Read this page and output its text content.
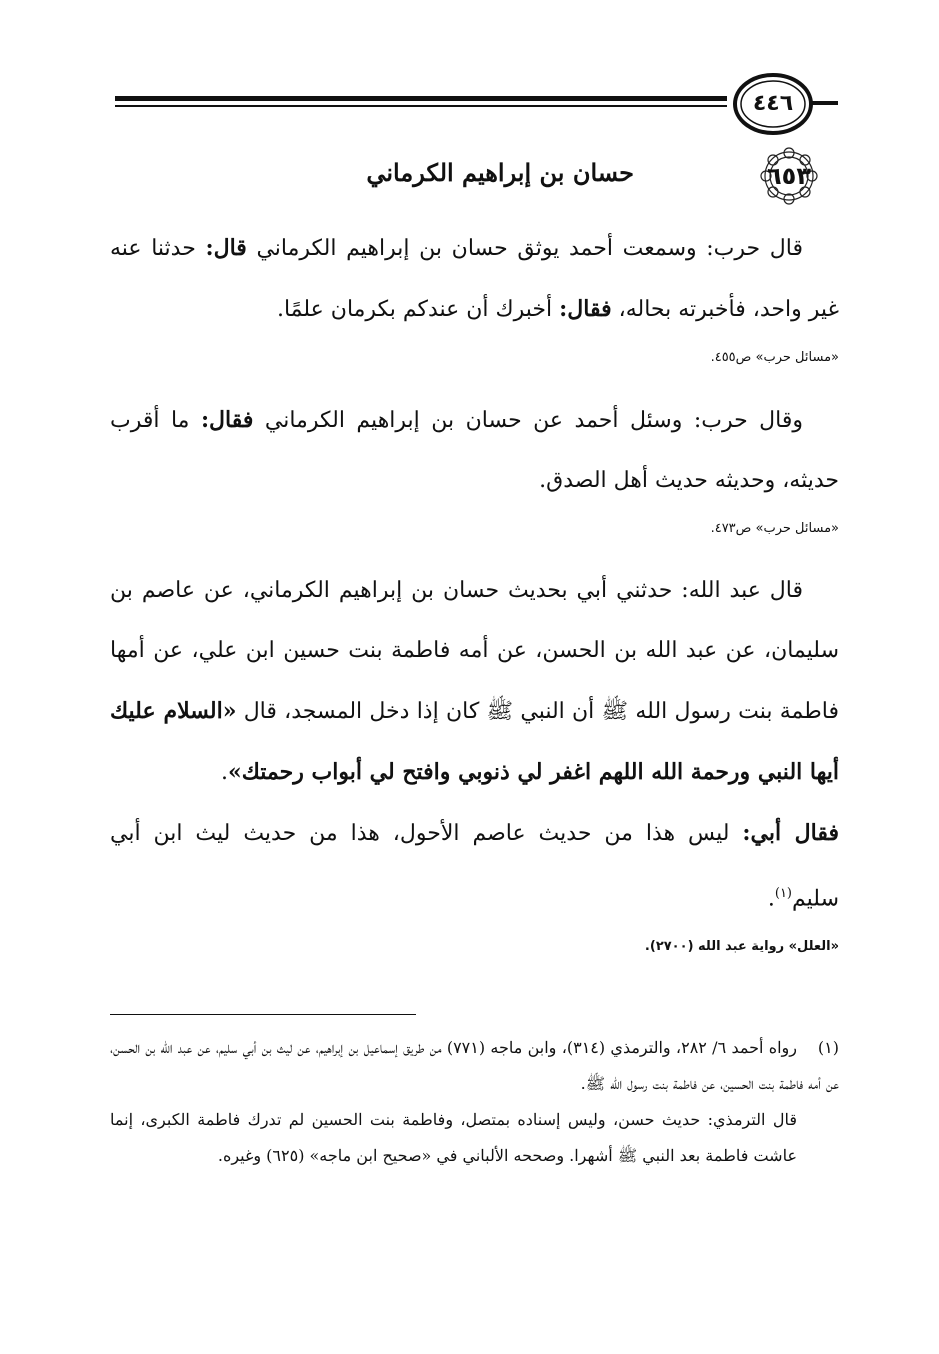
٤٤٦
٦٥٣
حسان بن إبراهيم الكرماني

قال حرب: وسمعت أحمد يوثق حسان بن إبراهيم الكرماني قال: حدثنا عنه غير واحد، فأخبرته بحاله، فقال: أخبرك أن عندكم بكرمان علمًا.

«مسائل حرب» ص٤٥٥.

وقال حرب: وسئل أحمد عن حسان بن إبراهيم الكرماني فقال: ما أقرب حديثه، وحديثه حديث أهل الصدق.

«مسائل حرب» ص٤٧٣.

قال عبد الله: حدثني أبي بحديث حسان بن إبراهيم الكرماني، عن عاصم بن سليمان، عن عبد الله بن الحسن، عن أمه فاطمة بنت حسين ابن علي، عن أمها فاطمة بنت رسول الله ﷺ أن النبي ﷺ كان إذا دخل المسجد، قال «السلام عليك أيها النبي ورحمة الله اللهم اغفر لي ذنوبي وافتح لي أبواب رحمتك».

فقال أبي: ليس هذا من حديث عاصم الأحول، هذا من حديث ليث ابن أبي سليم$^{(١)}$.

«العلل» رواية عبد الله (٢٧٠٠).

(١)رواه أحمد ٦/ ٢٨٢، والترمذي (٣١٤)، وابن ماجه (٧٧١) من طريق إسماعيل بن إبراهيم، عن ليث بن أبي سليم، عن عبد الله بن الحسن، عن أمه فاطمة بنت الحسين، عن فاطمة بنت رسول الله ﷺ.

قال الترمذي: حديث حسن، وليس إسناده بمتصل، وفاطمة بنت الحسين لم تدرك فاطمة الكبرى، إنما عاشت فاطمة بعد النبي ﷺ أشهرا. وصححه الألباني في «صحيح ابن ماجه» (٦٢٥) وغيره.
